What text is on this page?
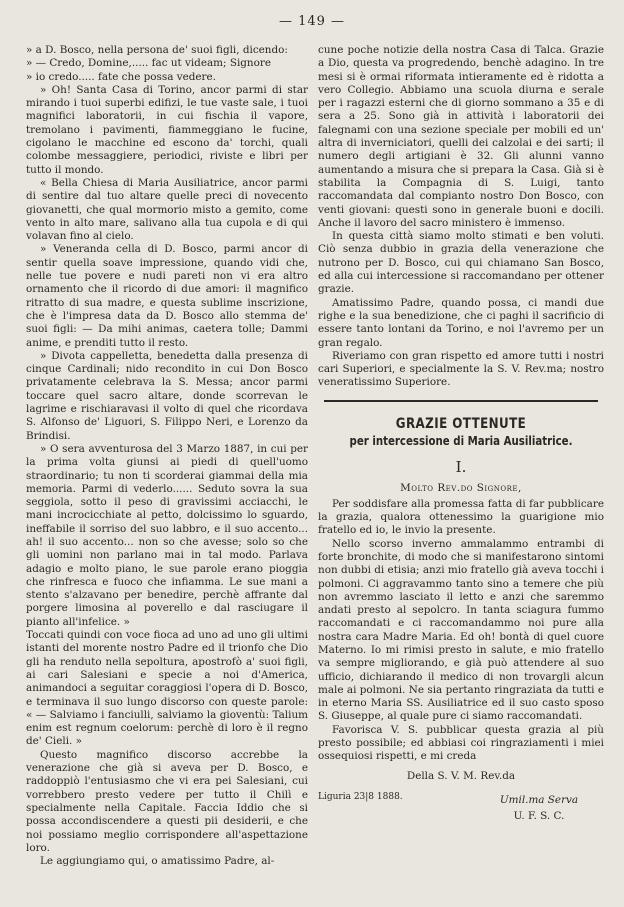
— 149 —

» a D. Bosco, nella persona de' suoi figli, dicendo:

» — Credo, Domine,..... fac ut videam; Signore

» io credo..... fate che possa vedere.

» Oh! Santa Casa di Torino, ancor parmi di star mirando i tuoi superbi edifizi, le tue vaste sale, i tuoi magnifici laboratorii, in cui fischia il vapore, tremolano i pavimenti, fiammeggiano le fucine, cigolano le macchine ed escono da' torchi, quali colombe messaggiere, periodici, riviste e libri per tutto il mondo.

« Bella Chiesa di Maria Ausiliatrice, ancor parmi di sentire dal tuo altare quelle preci di novecento giovanetti, che qual mormorio misto a gemito, come vento in alto mare, salivano alla tua cupola e di qui volavan fino al cielo.

» Veneranda cella di D. Bosco, parmi ancor di sentir quella soave impressione, quando vidi che, nelle tue povere e nudi pareti non vi era altro ornamento che il ricordo di due amori: il magnifico ritratto di sua madre, e questa sublime inscrizione, che è l'impresa data da D. Bosco allo stemma de' suoi figli: — Da mihi animas, caetera tolle; Dammi anime, e prenditi tutto il resto.

» Divota cappelletta, benedetta dalla presenza di cinque Cardinali; nido recondito in cui Don Bosco privatamente celebrava la S. Messa; ancor parmi toccare quel sacro altare, donde scorrevan le lagrime e rischiaravasi il volto di quel che ricordava S. Alfonso de' Liguori, S. Filippo Neri, e Lorenzo da Brindisi.

» O sera avventurosa del 3 Marzo 1887, in cui per la prima volta giunsi ai piedi di quell'uomo straordinario; tu non ti scorderai giammai della mia memoria. Parmi di vederlo...... Seduto sovra la sua seggiola, sotto il peso di gravissimi acciacchi, le mani incrocicchiate al petto, dolcissimo lo sguardo, ineffabile il sorriso del suo labbro, e il suo accento... ah! il suo accento... non so che avesse; solo so che gli uomini non parlano mai in tal modo. Parlava adagio e molto piano, le sue parole erano pioggia che rinfresca e fuoco che infiamma. Le sue mani a stento s'alzavano per benedire, perchè affrante dal porgere limosina al poverello e dal rasciugare il pianto all'infelice. »

Toccati quindi con voce fioca ad uno ad uno gli ultimi istanti del morente nostro Padre ed il trionfo che Dio gli ha renduto nella sepoltura, apostrofò a' suoi figli, ai cari Salesiani e specie a noi d'America, animandoci a seguitar coraggiosi l'opera di D. Bosco, e terminava il suo lungo discorso con queste parole: « — Salviamo i fanciulli, salviamo la gioventù: Talium enim est regnum coelorum: perchè di loro è il regno de' Cieli. »

Questo magnifico discorso accrebbe la venerazione che già si aveva per D. Bosco, e raddoppiò l'entusiasmo che vi era pei Salesiani, cui vorrebbero presto vedere per tutto il Chilì e specialmente nella Capitale. Faccia Iddio che si possa accondiscendere a questi pii desiderii, e che noi possiamo meglio corrispondere all'aspettazione loro.

Le aggiungiamo qui, o amatissimo Padre, al-

cune poche notizie della nostra Casa di Talca. Grazie a Dio, questa va progredendo, benchè adagino. In tre mesi si è ormai riformata intieramente ed è ridotta a vero Collegio. Abbiamo una scuola diurna e serale per i ragazzi esterni che di giorno sommano a 35 e di sera a 25. Sono già in attività i laboratorii dei falegnami con una sezione speciale per mobili ed un' altra di inverniciatori, quelli dei calzolai e dei sarti; il numero degli artigiani è 32. Gli alunni vanno aumentando a misura che si prepara la Casa. Già si è stabilita la Compagnia di S. Luigi, tanto raccomandata dal compianto nostro Don Bosco, con venti giovani: questi sono in generale buoni e docili. Anche il lavoro del sacro ministero è immenso.

In questa città siamo molto stimati e ben voluti. Ciò senza dubbio in grazia della venerazione che nutrono per D. Bosco, cui qui chiamano San Bosco, ed alla cui intercessione si raccomandano per ottener grazie.

Amatissimo Padre, quando possa, ci mandi due righe e la sua benedizione, che ci paghi il sacrificio di essere tanto lontani da Torino, e noi l'avremo per un gran regalo.

Riveriamo con gran rispetto ed amore tutti i nostri cari Superiori, e specialmente la S. V. Rev.ma; nostro veneratissimo Superiore.

GRAZIE OTTENUTE

per intercessione di Maria Ausiliatrice.

I.

Molto Rev.do Signore,

Per soddisfare alla promessa fatta di far pubblicare la grazia, qualora ottenessimo la guarigione mio fratello ed io, le invio la presente.

Nello scorso inverno ammalammo entrambi di forte bronchite, di modo che si manifestarono sintomi non dubbi di etisia; anzi mio fratello già aveva tocchi i polmoni. Ci aggravammo tanto sino a temere che più non avremmo lasciato il letto e anzi che saremmo andati presto al sepolcro. In tanta sciagura fummo raccomandati e ci raccomandammo noi pure alla nostra cara Madre Maria. Ed oh! bontà di quel cuore Materno. Io mi rimisi presto in salute, e mio fratello va sempre migliorando, e già può attendere al suo ufficio, dichiarando il medico di non trovargli alcun male ai polmoni. Ne sia pertanto ringraziata da tutti e in eterno Maria SS. Ausiliatrice ed il suo casto sposo S. Giuseppe, al quale pure ci siamo raccomandati.

Favorisca V. S. pubblicar questa grazia al più presto possibile; ed abbiasi coi ringraziamenti i miei ossequiosi rispetti, e mi creda

Della S. V. M. Rev.da

Liguria 23|8 1888.	Umil.ma Serva
U. F. S. C.
